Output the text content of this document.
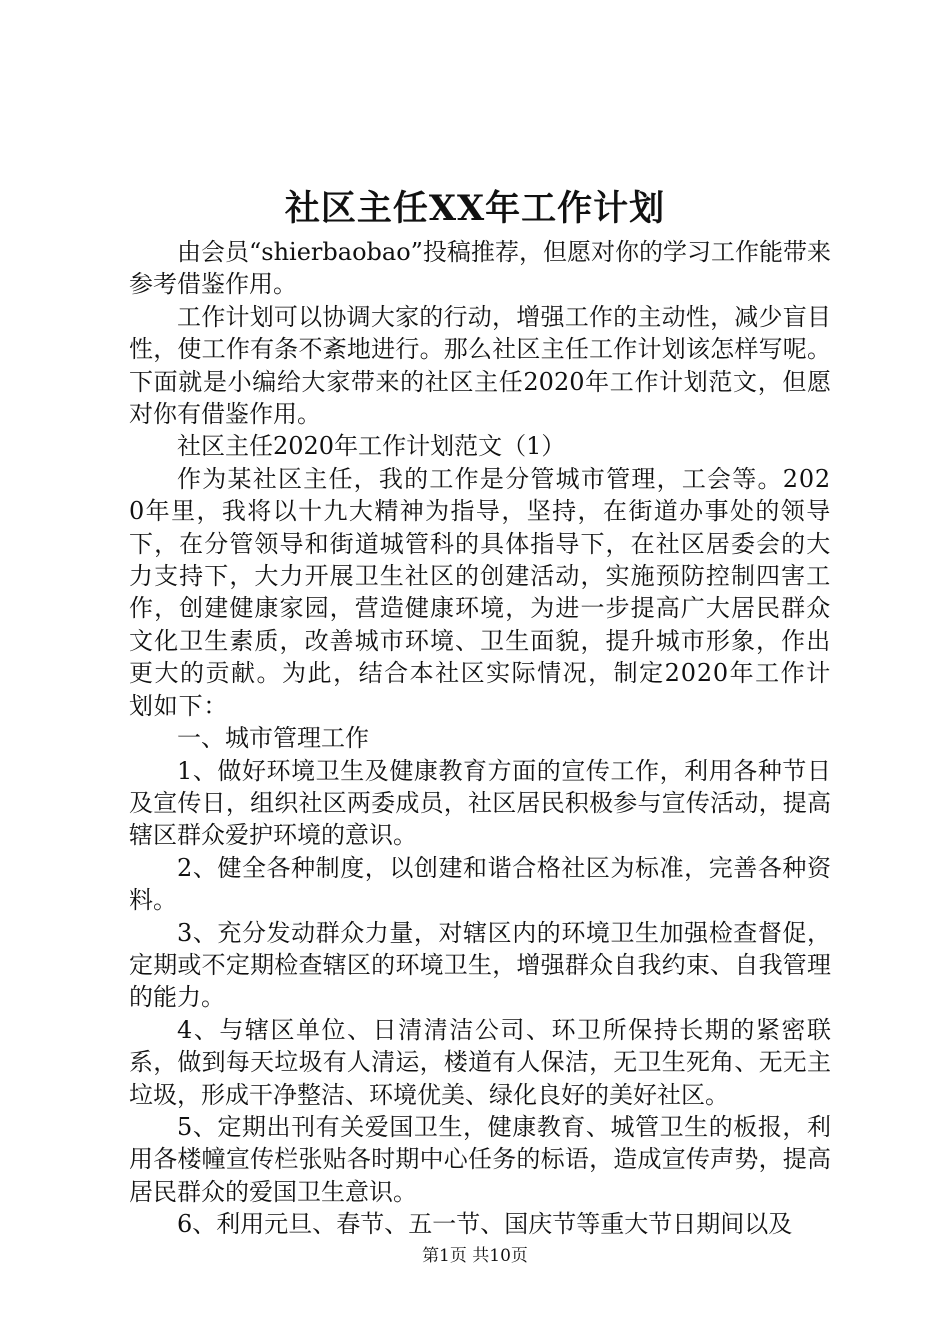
社区主任XX年工作计划

由会员“shierbaobao”投稿推荐，但愿对你的学习工作能带来参考借鉴作用。

工作计划可以协调大家的行动，增强工作的主动性，减少盲目性，使工作有条不紊地进行。那么社区主任工作计划该怎样写呢。下面就是小编给大家带来的社区主任2020年工作计划范文，但愿对你有借鉴作用。

社区主任2020年工作计划范文（1）

作为某社区主任，我的工作是分管城市管理，工会等。2020年里，我将以十九大精神为指导，坚持，在街道办事处的领导下，在分管领导和街道城管科的具体指导下，在社区居委会的大力支持下，大力开展卫生社区的创建活动，实施预防控制四害工作，创建健康家园，营造健康环境，为进一步提高广大居民群众文化卫生素质，改善城市环境、卫生面貌，提升城市形象，作出更大的贡献。为此，结合本社区实际情况，制定2020年工作计划如下：

一、城市管理工作

1、做好环境卫生及健康教育方面的宣传工作，利用各种节日及宣传日，组织社区两委成员，社区居民积极参与宣传活动，提高辖区群众爱护环境的意识。

2、健全各种制度，以创建和谐合格社区为标准，完善各种资料。

3、充分发动群众力量，对辖区内的环境卫生加强检查督促，定期或不定期检查辖区的环境卫生，增强群众自我约束、自我管理的能力。

4、与辖区单位、日清清洁公司、环卫所保持长期的紧密联系，做到每天垃圾有人清运，楼道有人保洁，无卫生死角、无无主垃圾，形成干净整洁、环境优美、绿化良好的美好社区。

5、定期出刊有关爱国卫生，健康教育、城管卫生的板报，利用各楼幢宣传栏张贴各时期中心任务的标语，造成宣传声势，提高居民群众的爱国卫生意识。

6、利用元旦、春节、五一节、国庆节等重大节日期间以及

第1页 共10页
